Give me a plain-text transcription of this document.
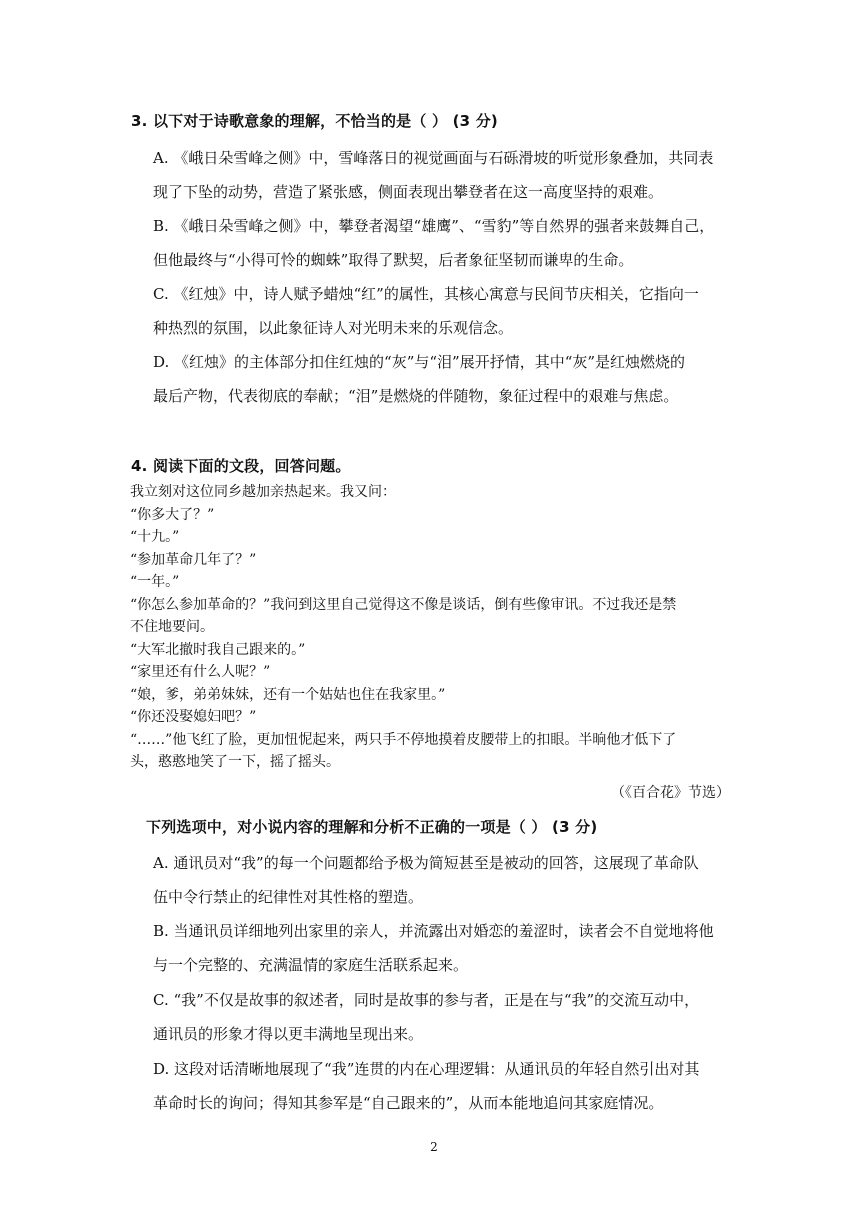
3. 以下对于诗歌意象的理解，不恰当的是（ ） (3 分)
A. 《峨日朵雪峰之侧》中，雪峰落日的视觉画面与石砾滑坡的听觉形象叠加，共同表
现了下坠的动势，营造了紧张感，侧面表现出攀登者在这一高度坚持的艰难。
B. 《峨日朵雪峰之侧》中，攀登者渴望“雄鹰”、“雪豹”等自然界的强者来鼓舞自己，
但他最终与“小得可怜的蜘蛛”取得了默契，后者象征坚韧而谦卑的生命。
C. 《红烛》中，诗人赋予蜡烛“红”的属性，其核心寓意与民间节庆相关，它指向一
种热烈的氛围，以此象征诗人对光明未来的乐观信念。
D. 《红烛》的主体部分扣住红烛的“灰”与“泪”展开抒情，其中“灰”是红烛燃烧的
最后产物，代表彻底的奉献；“泪”是燃烧的伴随物，象征过程中的艰难与焦虑。
4. 阅读下面的文段，回答问题。
我立刻对这位同乡越加亲热起来。我又问：
“你多大了？”
“十九。”
“参加革命几年了？”
“一年。”
“你怎么参加革命的？”我问到这里自己觉得这不像是谈话，倒有些像审讯。不过我还是禁
不住地要问。
“大军北撤时我自己跟来的。”
“家里还有什么人呢？”
“娘，爹，弟弟妹妹，还有一个姑姑也住在我家里。”
“你还没娶媳妇吧？”
“……”他飞红了脸，更加忸怩起来，两只手不停地摸着皮腰带上的扣眼。半晌他才低下了
头，憨憨地笑了一下，摇了摇头。
（《百合花》节选）
下列选项中，对小说内容的理解和分析不正确的一项是（ ） (3 分)
A. 通讯员对“我”的每一个问题都给予极为简短甚至是被动的回答，这展现了革命队
伍中令行禁止的纪律性对其性格的塑造。
B. 当通讯员详细地列出家里的亲人，并流露出对婚恋的羞涩时，读者会不自觉地将他
与一个完整的、充满温情的家庭生活联系起来。
C. “我”不仅是故事的叙述者，同时是故事的参与者，正是在与“我”的交流互动中，
通讯员的形象才得以更丰满地呈现出来。
D. 这段对话清晰地展现了“我”连贯的内在心理逻辑：从通讯员的年轻自然引出对其
革命时长的询问；得知其参军是“自己跟来的”，从而本能地追问其家庭情况。
2
